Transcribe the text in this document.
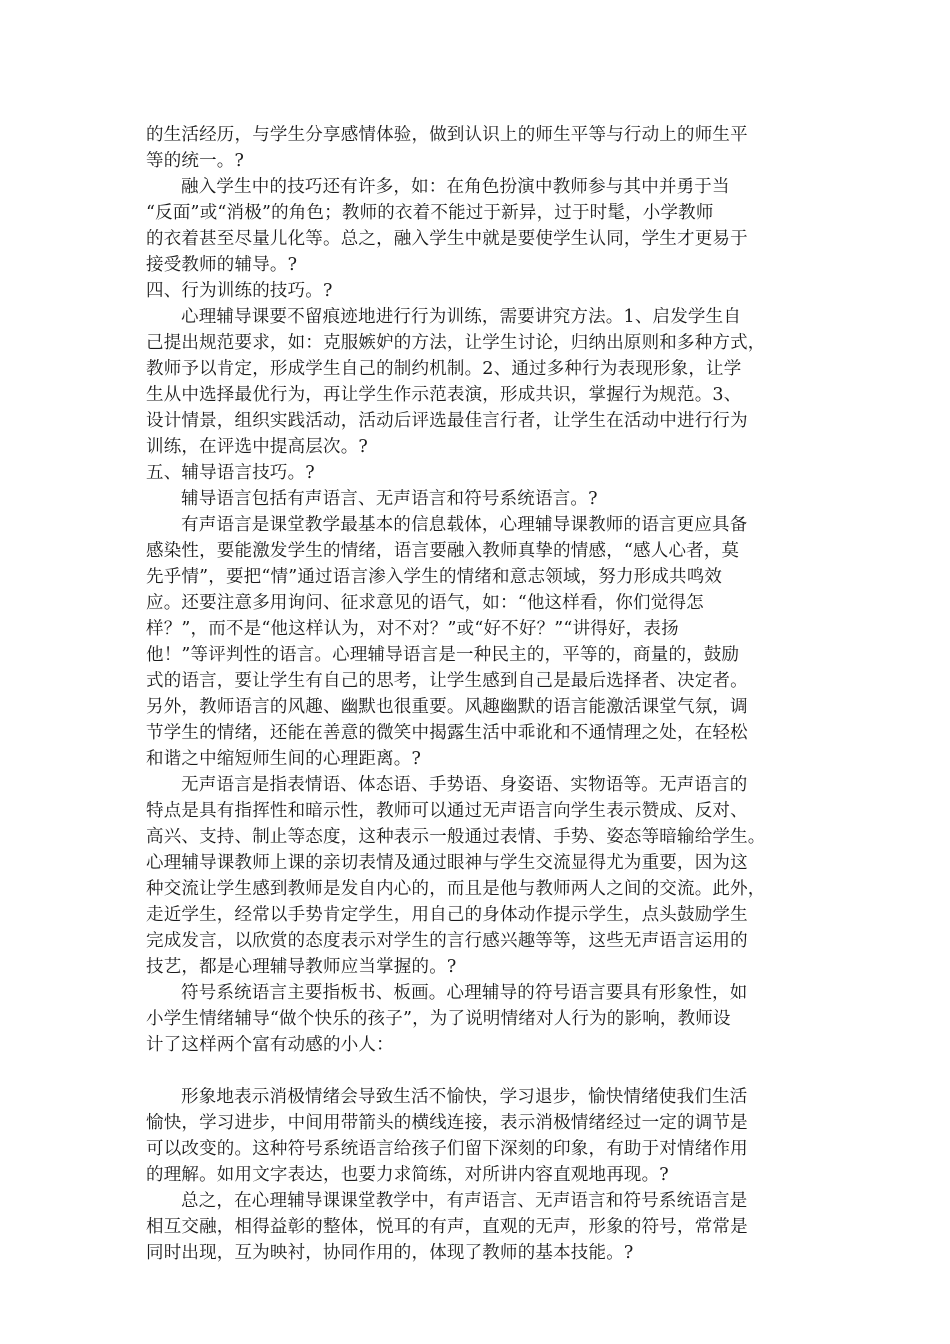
的生活经历，与学生分享感情体验，做到认识上的师生平等与行动上的师生平
等的统一。?
融入学生中的技巧还有许多，如：在角色扮演中教师参与其中并勇于当
“反面”或“消极”的角色；教师的衣着不能过于新异，过于时髦，小学教师
的衣着甚至尽量儿化等。总之，融入学生中就是要使学生认同，学生才更易于
接受教师的辅导。?
四、行为训练的技巧。?
心理辅导课要不留痕迹地进行行为训练，需要讲究方法。1、启发学生自
己提出规范要求，如：克服嫉妒的方法，让学生讨论，归纳出原则和多种方式，
教师予以肯定，形成学生自己的制约机制。2、通过多种行为表现形象，让学
生从中选择最优行为，再让学生作示范表演，形成共识，掌握行为规范。3、
设计情景，组织实践活动，活动后评选最佳言行者，让学生在活动中进行行为
训练，在评选中提高层次。?
五、辅导语言技巧。?
辅导语言包括有声语言、无声语言和符号系统语言。?
有声语言是课堂教学最基本的信息载体，心理辅导课教师的语言更应具备
感染性，要能激发学生的情绪，语言要融入教师真挚的情感，“感人心者，莫
先乎情”，要把“情”通过语言渗入学生的情绪和意志领域，努力形成共鸣效
应。还要注意多用询问、征求意见的语气，如：“他这样看，你们觉得怎
样？”，而不是“他这样认为，对不对？”或“好不好？”“讲得好，表扬
他！”等评判性的语言。心理辅导语言是一种民主的，平等的，商量的，鼓励
式的语言，要让学生有自己的思考，让学生感到自己是最后选择者、决定者。
另外，教师语言的风趣、幽默也很重要。风趣幽默的语言能激活课堂气氛，调
节学生的情绪，还能在善意的微笑中揭露生活中乖讹和不通情理之处，在轻松
和谐之中缩短师生间的心理距离。?
无声语言是指表情语、体态语、手势语、身姿语、实物语等。无声语言的
特点是具有指挥性和暗示性，教师可以通过无声语言向学生表示赞成、反对、
高兴、支持、制止等态度，这种表示一般通过表情、手势、姿态等暗输给学生。
心理辅导课教师上课的亲切表情及通过眼神与学生交流显得尤为重要，因为这
种交流让学生感到教师是发自内心的，而且是他与教师两人之间的交流。此外，
走近学生，经常以手势肯定学生，用自己的身体动作提示学生，点头鼓励学生
完成发言，以欣赏的态度表示对学生的言行感兴趣等等，这些无声语言运用的
技艺，都是心理辅导教师应当掌握的。?
符号系统语言主要指板书、板画。心理辅导的符号语言要具有形象性，如
小学生情绪辅导“做个快乐的孩子”，为了说明情绪对人行为的影响，教师设
计了这样两个富有动感的小人：
形象地表示消极情绪会导致生活不愉快，学习退步，愉快情绪使我们生活
愉快，学习进步，中间用带箭头的横线连接，表示消极情绪经过一定的调节是
可以改变的。这种符号系统语言给孩子们留下深刻的印象，有助于对情绪作用
的理解。如用文字表达，也要力求简练，对所讲内容直观地再现。?
总之，在心理辅导课课堂教学中，有声语言、无声语言和符号系统语言是
相互交融，相得益彰的整体，悦耳的有声，直观的无声，形象的符号，常常是
同时出现，互为映衬，协同作用的，体现了教师的基本技能。?
